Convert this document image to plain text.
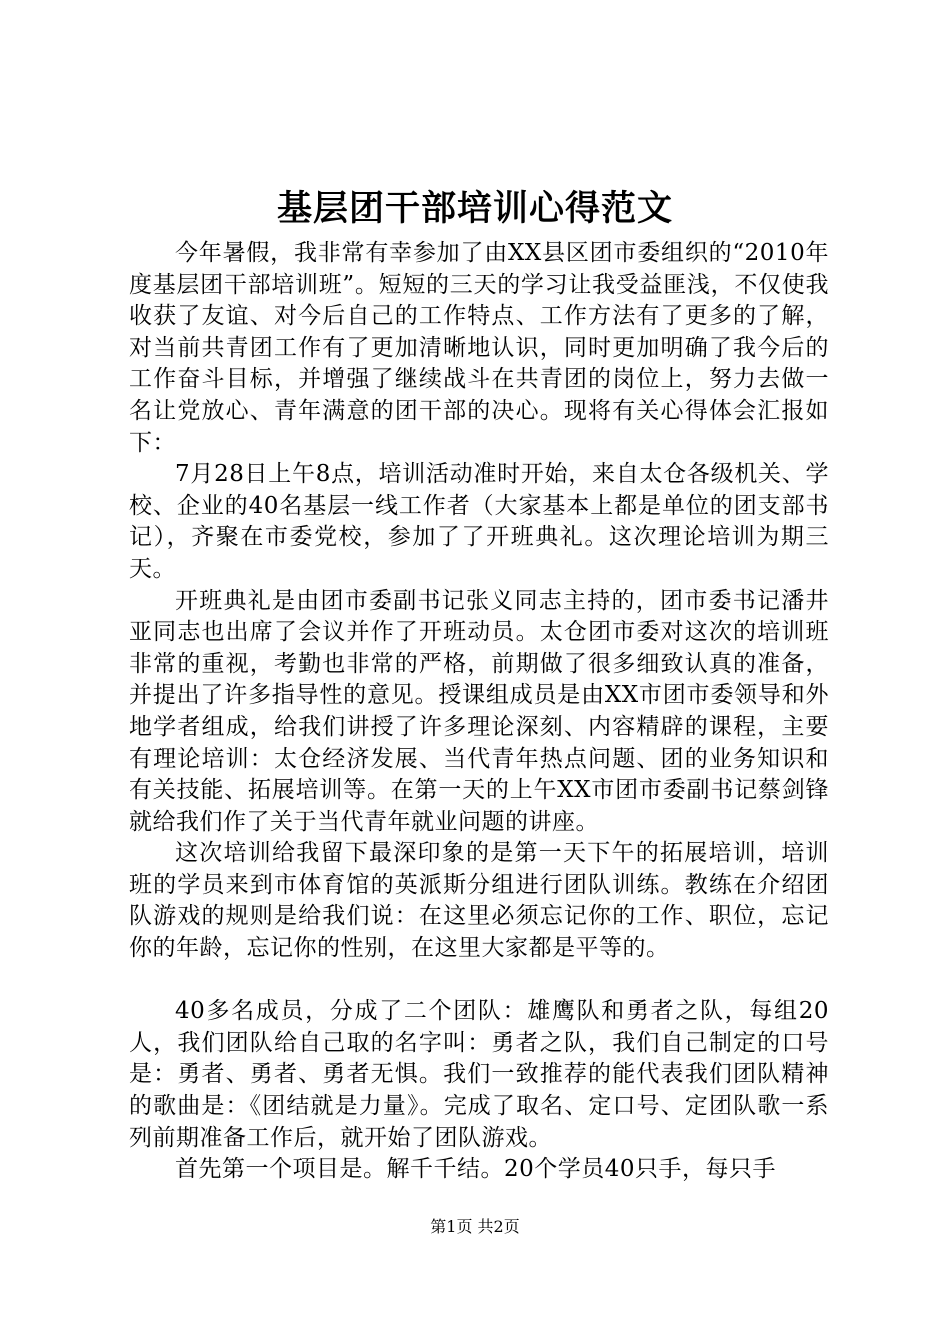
基层团干部培训心得范文

今年暑假，我非常有幸参加了由XX县区团市委组织的“2010年度基层团干部培训班”。短短的三天的学习让我受益匪浅，不仅使我收获了友谊、对今后自己的工作特点、工作方法有了更多的了解，对当前共青团工作有了更加清晰地认识，同时更加明确了我今后的工作奋斗目标，并增强了继续战斗在共青团的岗位上，努力去做一名让党放心、青年满意的团干部的决心。现将有关心得体会汇报如下：

7月28日上午8点，培训活动准时开始，来自太仓各级机关、学校、企业的40名基层一线工作者（大家基本上都是单位的团支部书记），齐聚在市委党校，参加了了开班典礼。这次理论培训为期三天。

开班典礼是由团市委副书记张义同志主持的，团市委书记潘井亚同志也出席了会议并作了开班动员。太仓团市委对这次的培训班非常的重视，考勤也非常的严格，前期做了很多细致认真的准备，并提出了许多指导性的意见。授课组成员是由XX市团市委领导和外地学者组成，给我们讲授了许多理论深刻、内容精辟的课程，主要有理论培训：太仓经济发展、当代青年热点问题、团的业务知识和有关技能、拓展培训等。在第一天的上午XX市团市委副书记蔡剑锋就给我们作了关于当代青年就业问题的讲座。

这次培训给我留下最深印象的是第一天下午的拓展培训，培训班的学员来到市体育馆的英派斯分组进行团队训练。教练在介绍团队游戏的规则是给我们说：在这里必须忘记你的工作、职位，忘记你的年龄，忘记你的性别，在这里大家都是平等的。

40多名成员，分成了二个团队：雄鹰队和勇者之队，每组20人，我们团队给自己取的名字叫：勇者之队，我们自己制定的口号是：勇者、勇者、勇者无惧。我们一致推荐的能代表我们团队精神的歌曲是：《团结就是力量》。完成了取名、定口号、定团队歌一系列前期准备工作后，就开始了团队游戏。

首先第一个项目是。解千千结。20个学员40只手，每只手

第1页 共2页
